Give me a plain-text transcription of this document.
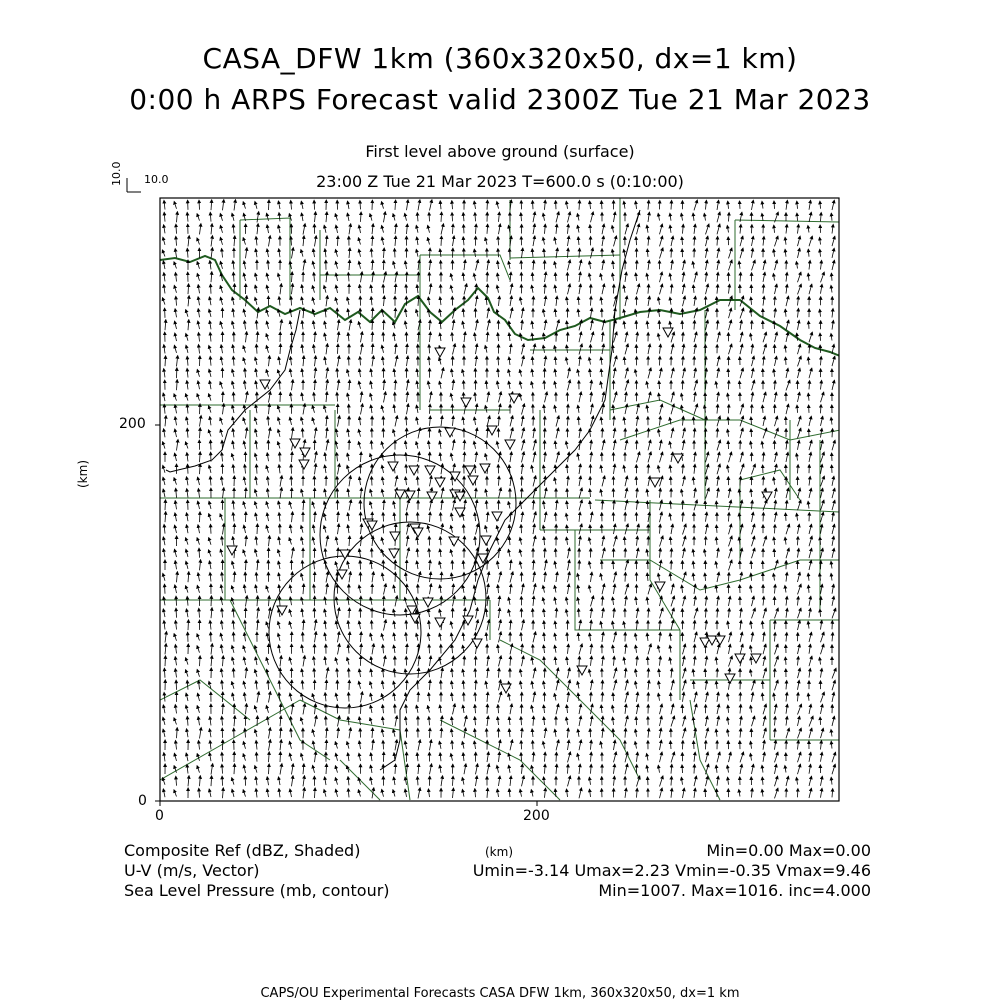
CASA_DFW 1km (360x320x50, dx=1 km)
0:00 h ARPS Forecast valid 2300Z Tue 21 Mar 2023
First level above ground (surface)
23:00 Z Tue 21 Mar 2023 T=600.0 s (0:10:00)
10.0 10.0
(km)
200
0
0	200
(km)
Composite Ref (dBZ, Shaded)	Min=0.00 Max=0.00
U-V (m/s, Vector)	Umin=-3.14 Umax=2.23 Vmin=-0.35 Vmax=9.46
Sea Level Pressure (mb, contour)	Min=1007. Max=1016. inc=4.000
CAPS/OU Experimental Forecasts CASA DFW 1km, 360x320x50, dx=1 km
